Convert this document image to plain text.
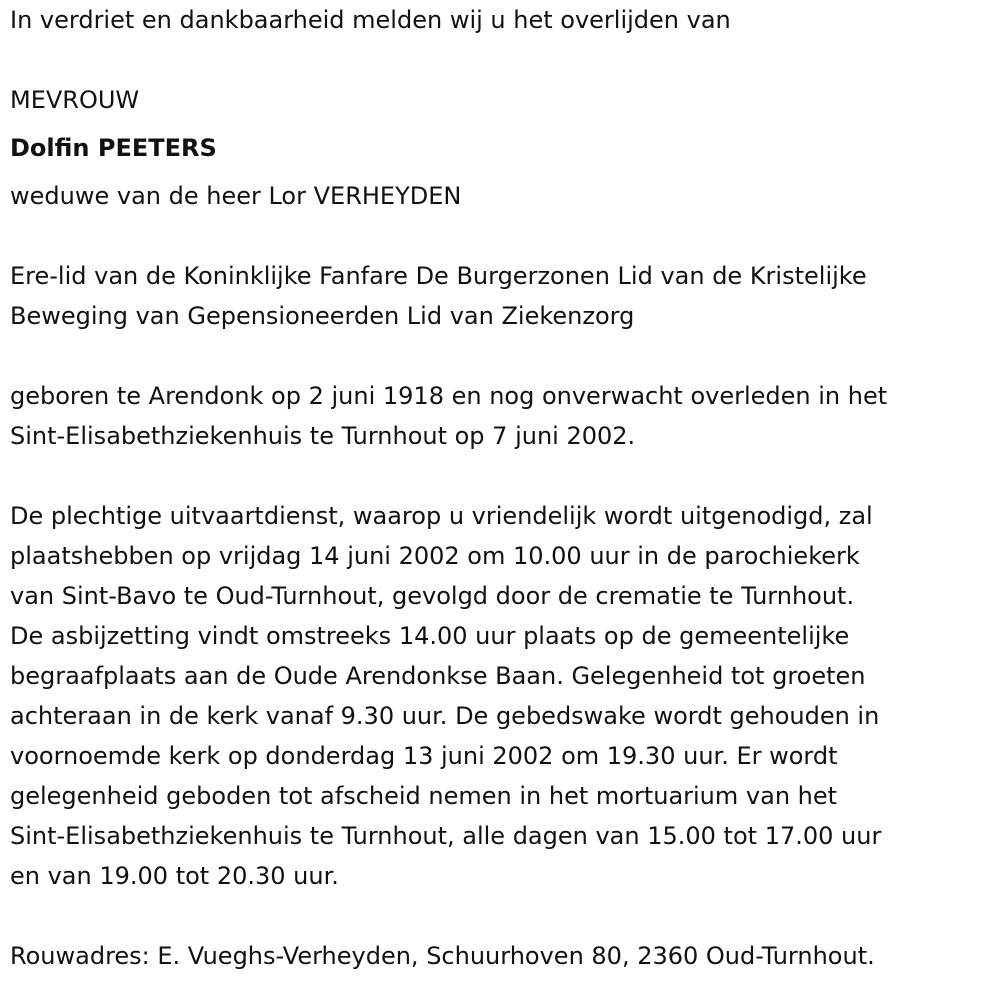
In verdriet en dankbaarheid melden wij u het overlijden van

MEVROUW

Dolfin PEETERS

weduwe van de heer Lor VERHEYDEN

Ere-lid van de Koninklijke Fanfare De Burgerzonen Lid van de Kristelijke

Beweging van Gepensioneerden Lid van Ziekenzorg

geboren te Arendonk op 2 juni 1918 en nog onverwacht overleden in het

Sint-Elisabethziekenhuis te Turnhout op 7 juni 2002.

De plechtige uitvaartdienst, waarop u vriendelijk wordt uitgenodigd, zal

plaatshebben op vrijdag 14 juni 2002 om 10.00 uur in de parochiekerk

van Sint-Bavo te Oud-Turnhout, gevolgd door de crematie te Turnhout.

De asbijzetting vindt omstreeks 14.00 uur plaats op de gemeentelijke

begraafplaats aan de Oude Arendonkse Baan. Gelegenheid tot groeten

achteraan in de kerk vanaf 9.30 uur. De gebedswake wordt gehouden in

voornoemde kerk op donderdag 13 juni 2002 om 19.30 uur. Er wordt

gelegenheid geboden tot afscheid nemen in het mortuarium van het

Sint-Elisabethziekenhuis te Turnhout, alle dagen van 15.00 tot 17.00 uur

en van 19.00 tot 20.30 uur.

Rouwadres: E. Vueghs-Verheyden, Schuurhoven 80, 2360 Oud-Turnhout.
